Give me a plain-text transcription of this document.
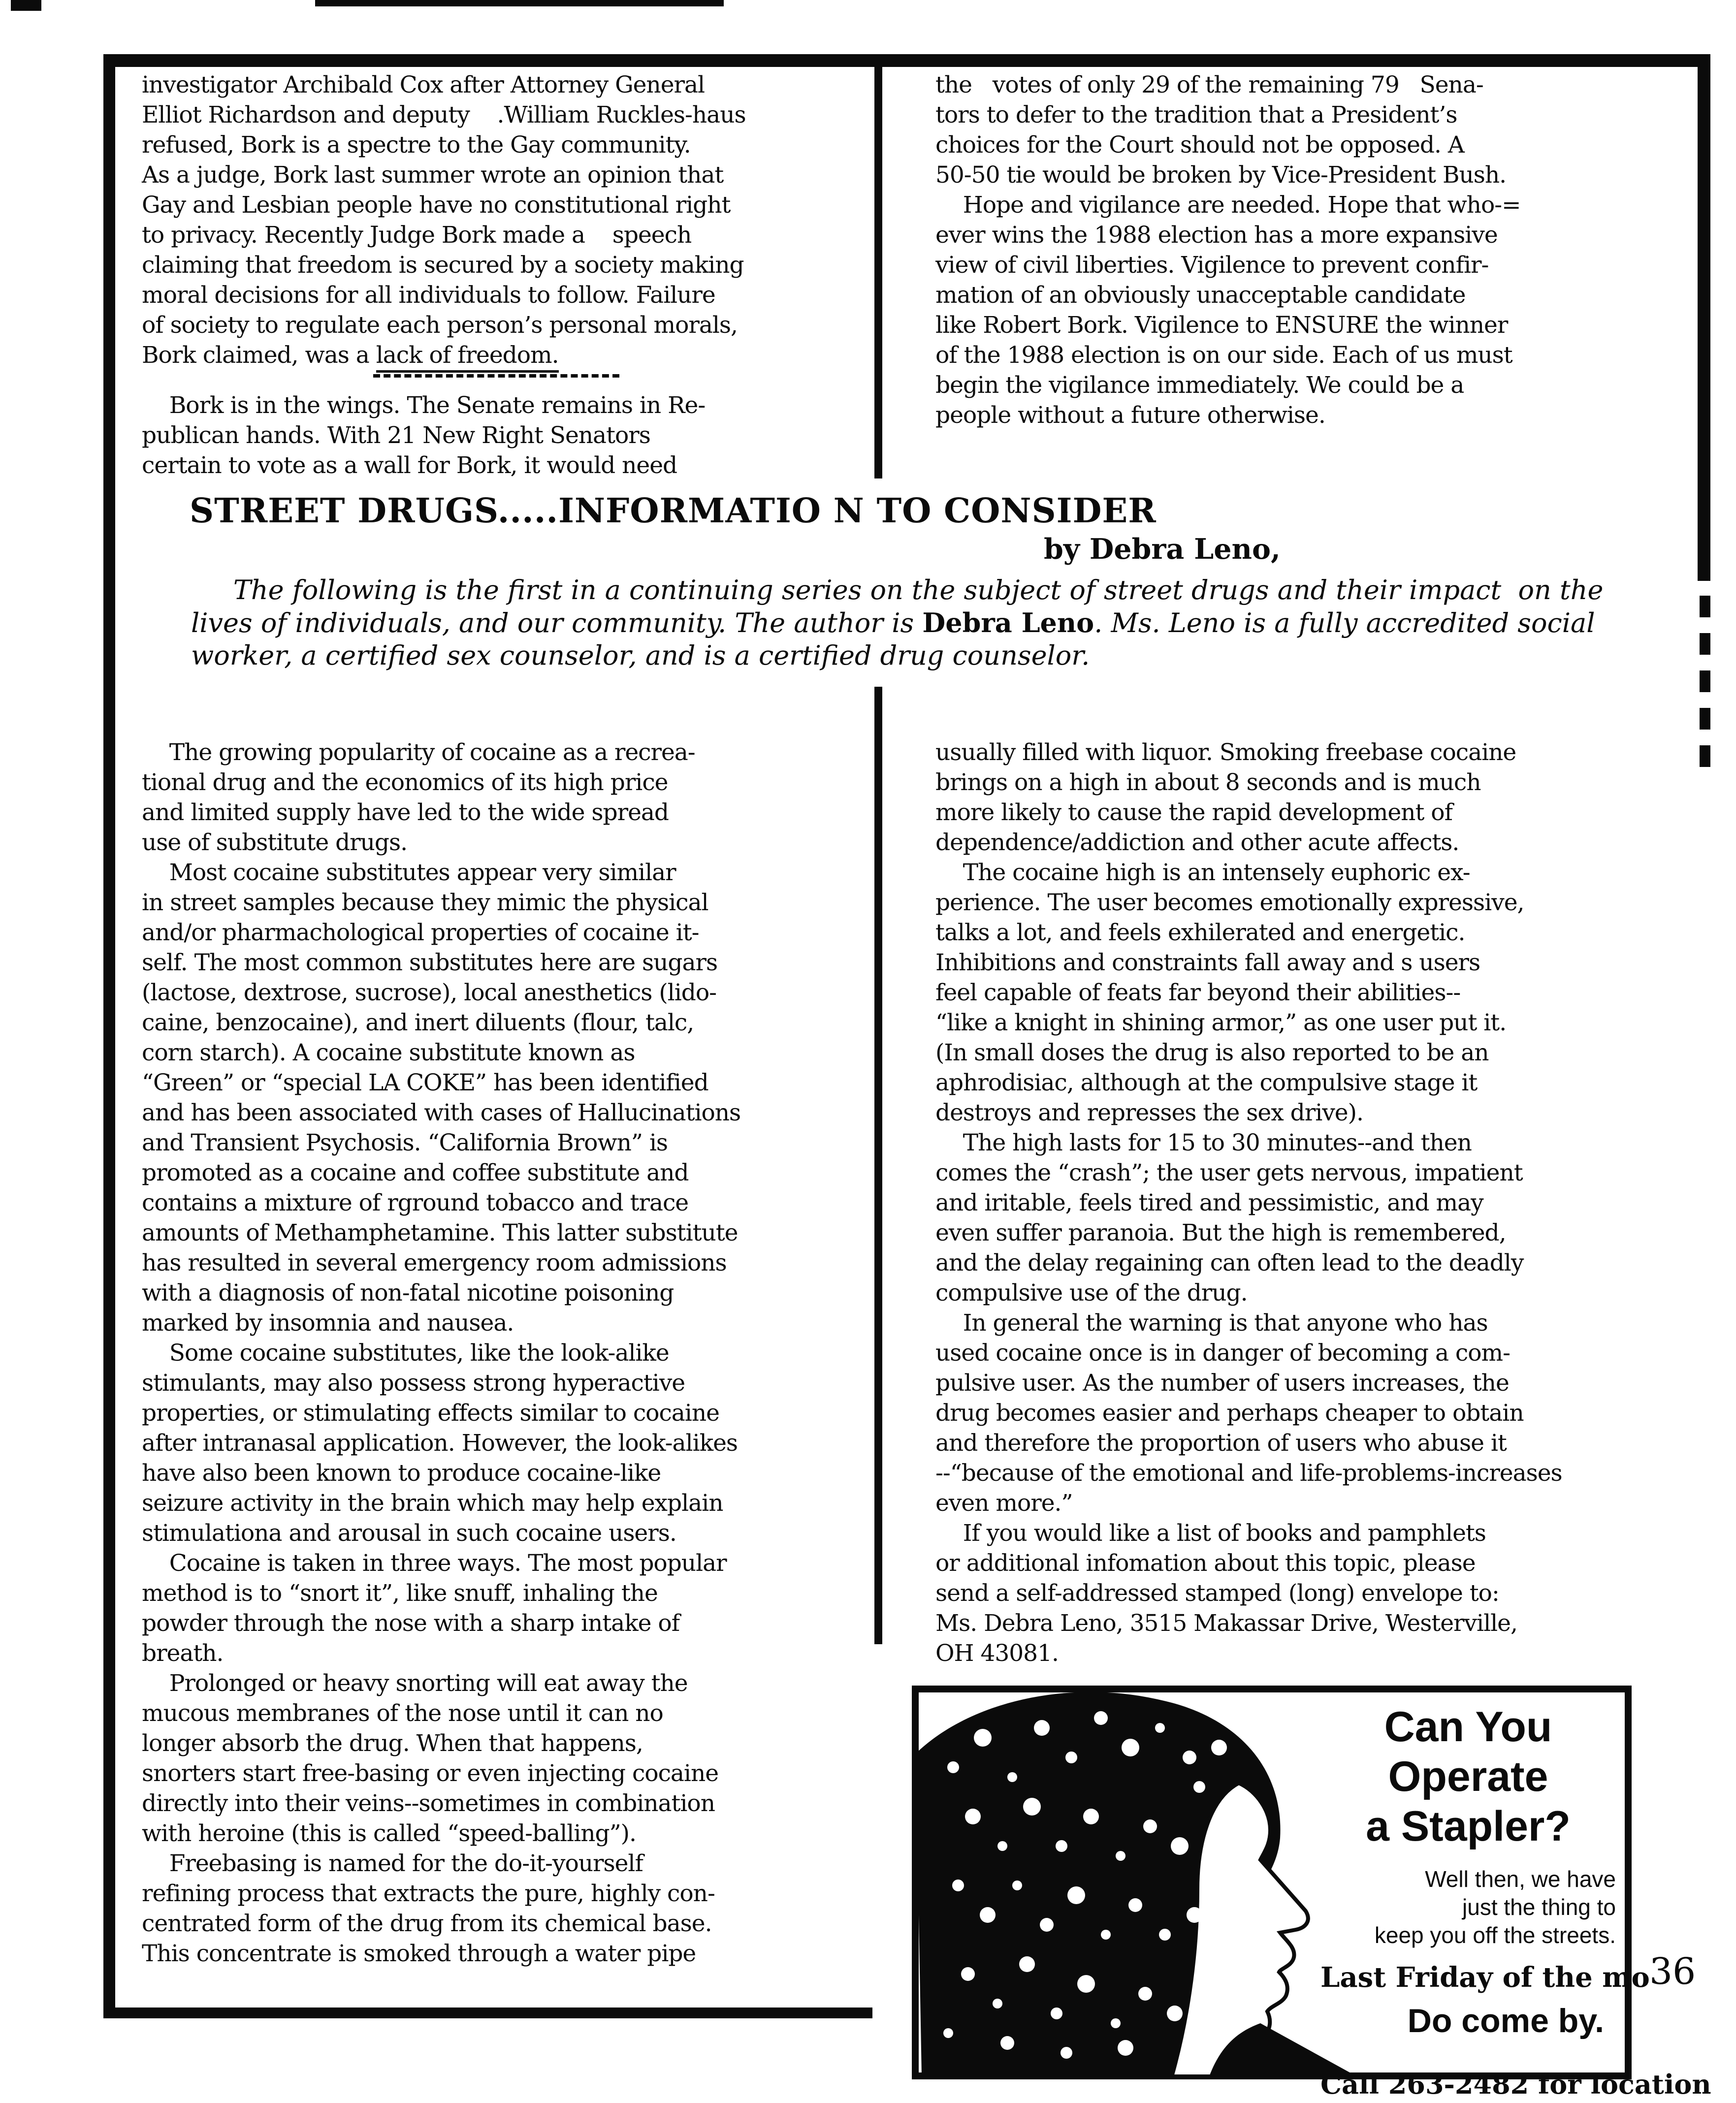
investigator Archibald Cox after Attorney General
Elliot Richardson and deputy    .William Ruckles-haus
refused, Bork is a spectre to the Gay community.
As a judge, Bork last summer wrote an opinion that
Gay and Lesbian people have no constitutional right
to privacy. Recently Judge Bork made a    speech
claiming that freedom is secured by a society making
moral decisions for all individuals to follow. Failure
of society to regulate each person’s personal morals,
Bork claimed, was a lack of freedom.
Bork is in the wings. The Senate remains in Re-
publican hands. With 21 New Right Senators
certain to vote as a wall for Bork, it would need
the   votes of only 29 of the remaining 79   Sena-
tors to defer to the tradition that a President’s
choices for the Court should not be opposed. A
50-50 tie would be broken by Vice-President Bush.
Hope and vigilance are needed. Hope that who-=
ever wins the 1988 election has a more expansive
view of civil liberties. Vigilence to prevent confir-
mation of an obviously unacceptable candidate
like Robert Bork. Vigilence to ENSURE the winner
of the 1988 election is on our side. Each of us must
begin the vigilance immediately. We could be a
people without a future otherwise.
STREET DRUGS.....INFORMATIO N TO CONSIDER
by Debra Leno,
The following is the first in a continuing series on the subject of street drugs and their impact  on the
lives of individuals, and our community. The author is Debra Leno. Ms. Leno is a fully accredited social
worker, a certified sex counselor, and is a certified drug counselor.
The growing popularity of cocaine as a recrea-
tional drug and the economics of its high price
and limited supply have led to the wide spread
use of substitute drugs.
Most cocaine substitutes appear very similar
in street samples because they mimic the physical
and/or pharmachological properties of cocaine it-
self. The most common substitutes here are sugars
(lactose, dextrose, sucrose), local anesthetics (lido-
caine, benzocaine), and inert diluents (flour, talc,
corn starch). A cocaine substitute known as
“Green” or “special LA COKE” has been identified
and has been associated with cases of Hallucinations
and Transient Psychosis. “California Brown” is
promoted as a cocaine and coffee substitute and
contains a mixture of rground tobacco and trace
amounts of Methamphetamine. This latter substitute
has resulted in several emergency room admissions
with a diagnosis of non-fatal nicotine poisoning
marked by insomnia and nausea.
Some cocaine substitutes, like the look-alike
stimulants, may also possess strong hyperactive
properties, or stimulating effects similar to cocaine
after intranasal application. However, the look-alikes
have also been known to produce cocaine-like
seizure activity in the brain which may help explain
stimulationa and arousal in such cocaine users.
Cocaine is taken in three ways. The most popular
method is to “snort it”, like snuff, inhaling the
powder through the nose with a sharp intake of
breath.
Prolonged or heavy snorting will eat away the
mucous membranes of the nose until it can no
longer absorb the drug. When that happens,
snorters start free-basing or even injecting cocaine
directly into their veins--sometimes in combination
with heroine (this is called “speed-balling”).
Freebasing is named for the do-it-yourself
refining process that extracts the pure, highly con-
centrated form of the drug from its chemical base.
This concentrate is smoked through a water pipe
usually filled with liquor. Smoking freebase cocaine
brings on a high in about 8 seconds and is much
more likely to cause the rapid development of
dependence/addiction and other acute affects.
The cocaine high is an intensely euphoric ex-
perience. The user becomes emotionally expressive,
talks a lot, and feels exhilerated and energetic.
Inhibitions and constraints fall away and s users
feel capable of feats far beyond their abilities--
“like a knight in shining armor,” as one user put it.
(In small doses the drug is also reported to be an
aphrodisiac, although at the compulsive stage it
destroys and represses the sex drive).
The high lasts for 15 to 30 minutes--and then
comes the “crash”; the user gets nervous, impatient
and iritable, feels tired and pessimistic, and may
even suffer paranoia. But the high is remembered,
and the delay regaining can often lead to the deadly
compulsive use of the drug.
In general the warning is that anyone who has
used cocaine once is in danger of becoming a com-
pulsive user. As the number of users increases, the
drug becomes easier and perhaps cheaper to obtain
and therefore the proportion of users who abuse it
--“because of the emotional and life-problems-increases
even more.”
If you would like a list of books and pamphlets
or additional infomation about this topic, please
send a self-addressed stamped (long) envelope to:
Ms. Debra Leno, 3515 Makassar Drive, Westerville,
OH 43081.
Can You
Operate
a Stapler?
Well then, we have
just the thing to
keep you off the streets.
Last Friday of the mo
Do come by.
Call 263-2482 for location
36
